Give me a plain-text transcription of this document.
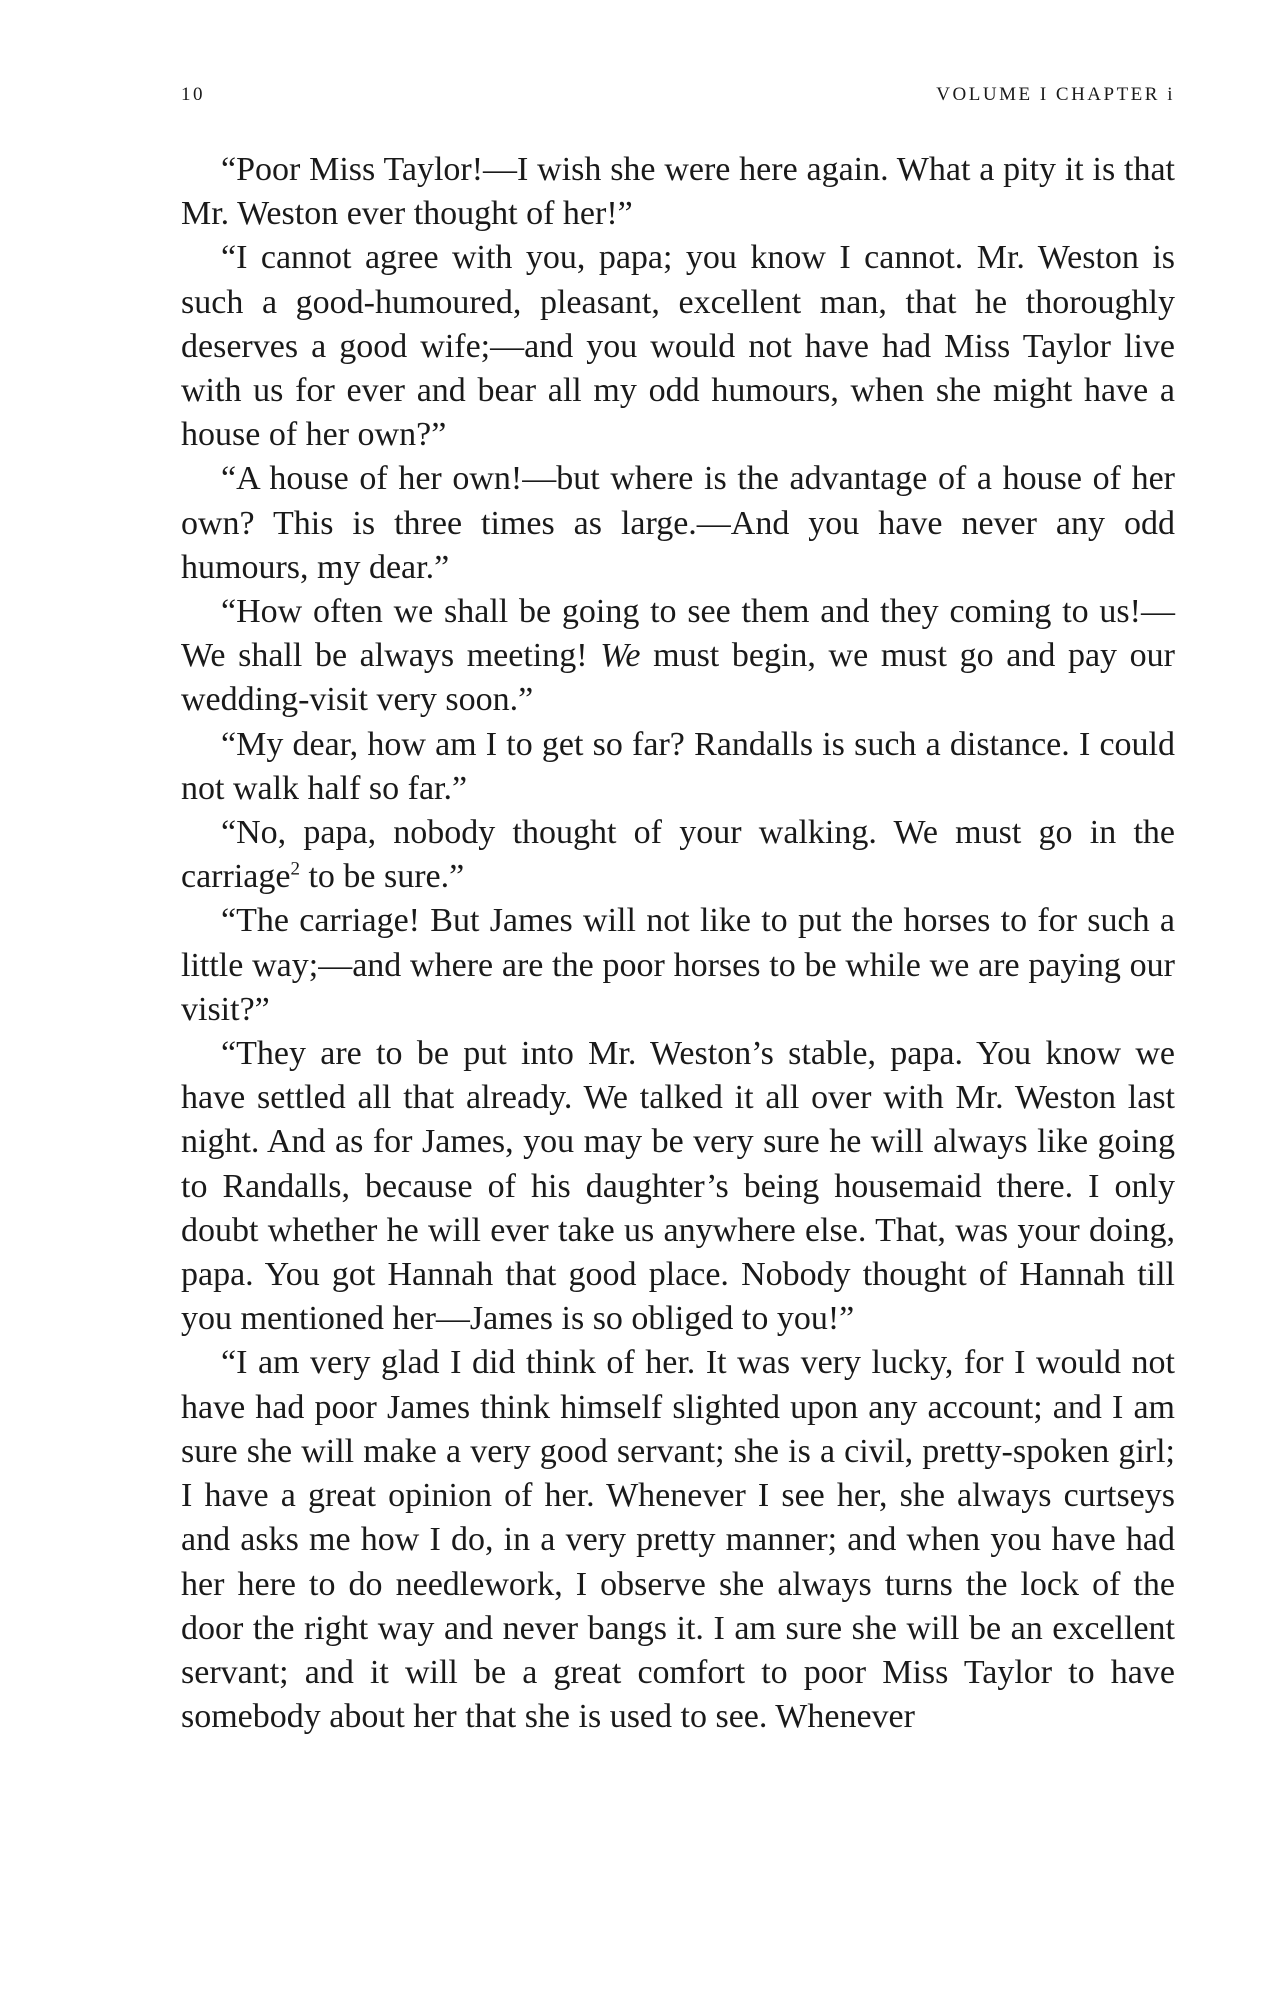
10	VOLUME I CHAPTER i

“Poor Miss Taylor!—I wish she were here again. What a pity it is that Mr. Weston ever thought of her!”

“I cannot agree with you, papa; you know I cannot. Mr. Weston is such a good-humoured, pleasant, excellent man, that he thoroughly deserves a good wife;—and you would not have had Miss Taylor live with us for ever and bear all my odd humours, when she might have a house of her own?”

“A house of her own!—but where is the advantage of a house of her own? This is three times as large.—And you have never any odd humours, my dear.”

“How often we shall be going to see them and they coming to us!—We shall be always meeting! We must begin, we must go and pay our wedding-visit very soon.”

“My dear, how am I to get so far? Randalls is such a distance. I could not walk half so far.”

“No, papa, nobody thought of your walking. We must go in the carriage$^2$ to be sure.”

“The carriage! But James will not like to put the horses to for such a little way;—and where are the poor horses to be while we are paying our visit?”

“They are to be put into Mr. Weston’s stable, papa. You know we have settled all that already. We talked it all over with Mr. Weston last night. And as for James, you may be very sure he will always like going to Randalls, because of his daughter’s being housemaid there. I only doubt whether he will ever take us anywhere else. That, was your doing, papa. You got Hannah that good place. Nobody thought of Hannah till you mentioned her—James is so obliged to you!”

“I am very glad I did think of her. It was very lucky, for I would not have had poor James think himself slighted upon any account; and I am sure she will make a very good servant; she is a civil, pretty-spoken girl; I have a great opinion of her. Whenever I see her, she always curtseys and asks me how I do, in a very pretty manner; and when you have had her here to do needlework, I observe she always turns the lock of the door the right way and never bangs it. I am sure she will be an excellent servant; and it will be a great comfort to poor Miss Taylor to have somebody about her that she is used to see. Whenever
